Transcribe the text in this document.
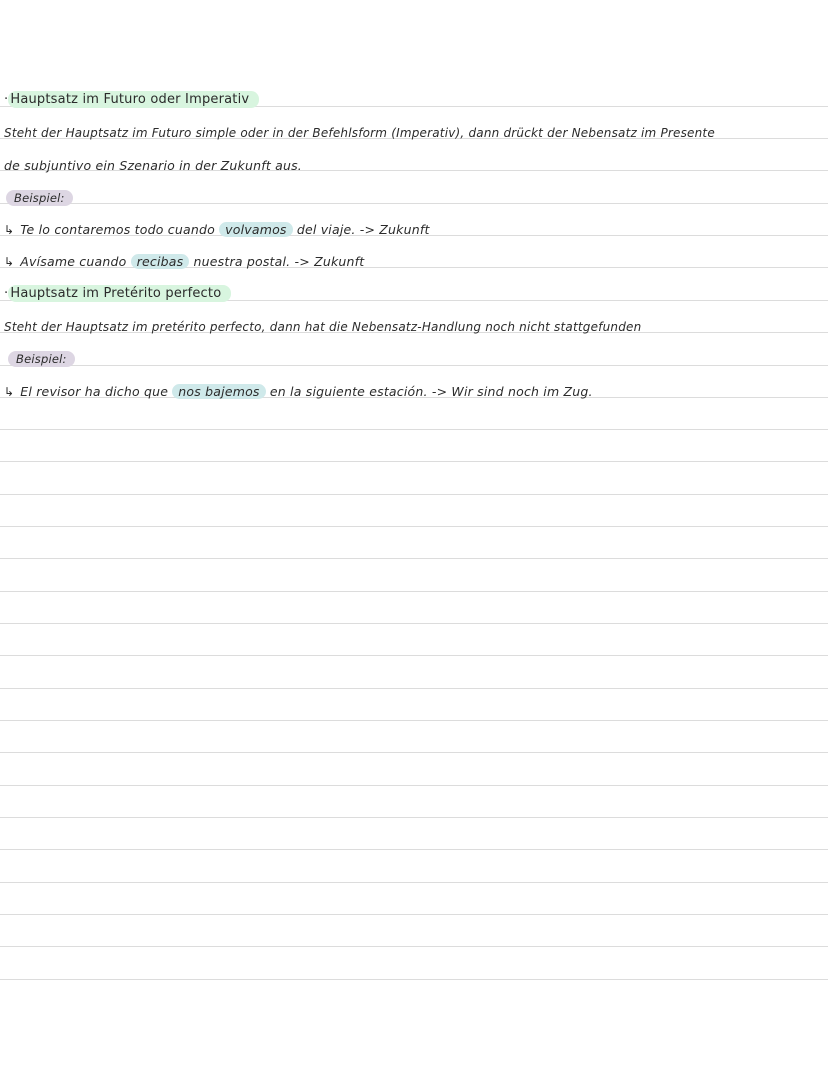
· Hauptsatz im Futuro oder Imperativ
Steht der Hauptsatz im Futuro simple oder in der Befehlsform (Imperativ), dann drückt der Nebensatz im Presente
de subjuntivo ein Szenario in der Zukunft aus.
Beispiel:
↳ Te lo contaremos todo cuando volvamos del viaje. -> Zukunft
↳ Avísame cuando recibas nuestra postal. -> Zukunft
· Hauptsatz im Pretérito perfecto
Steht der Hauptsatz im pretérito perfecto, dann hat die Nebensatz-Handlung noch nicht stattgefunden
Beispiel:
↳ El revisor ha dicho que nos bajemos en la siguiente estación. -> Wir sind noch im Zug.
